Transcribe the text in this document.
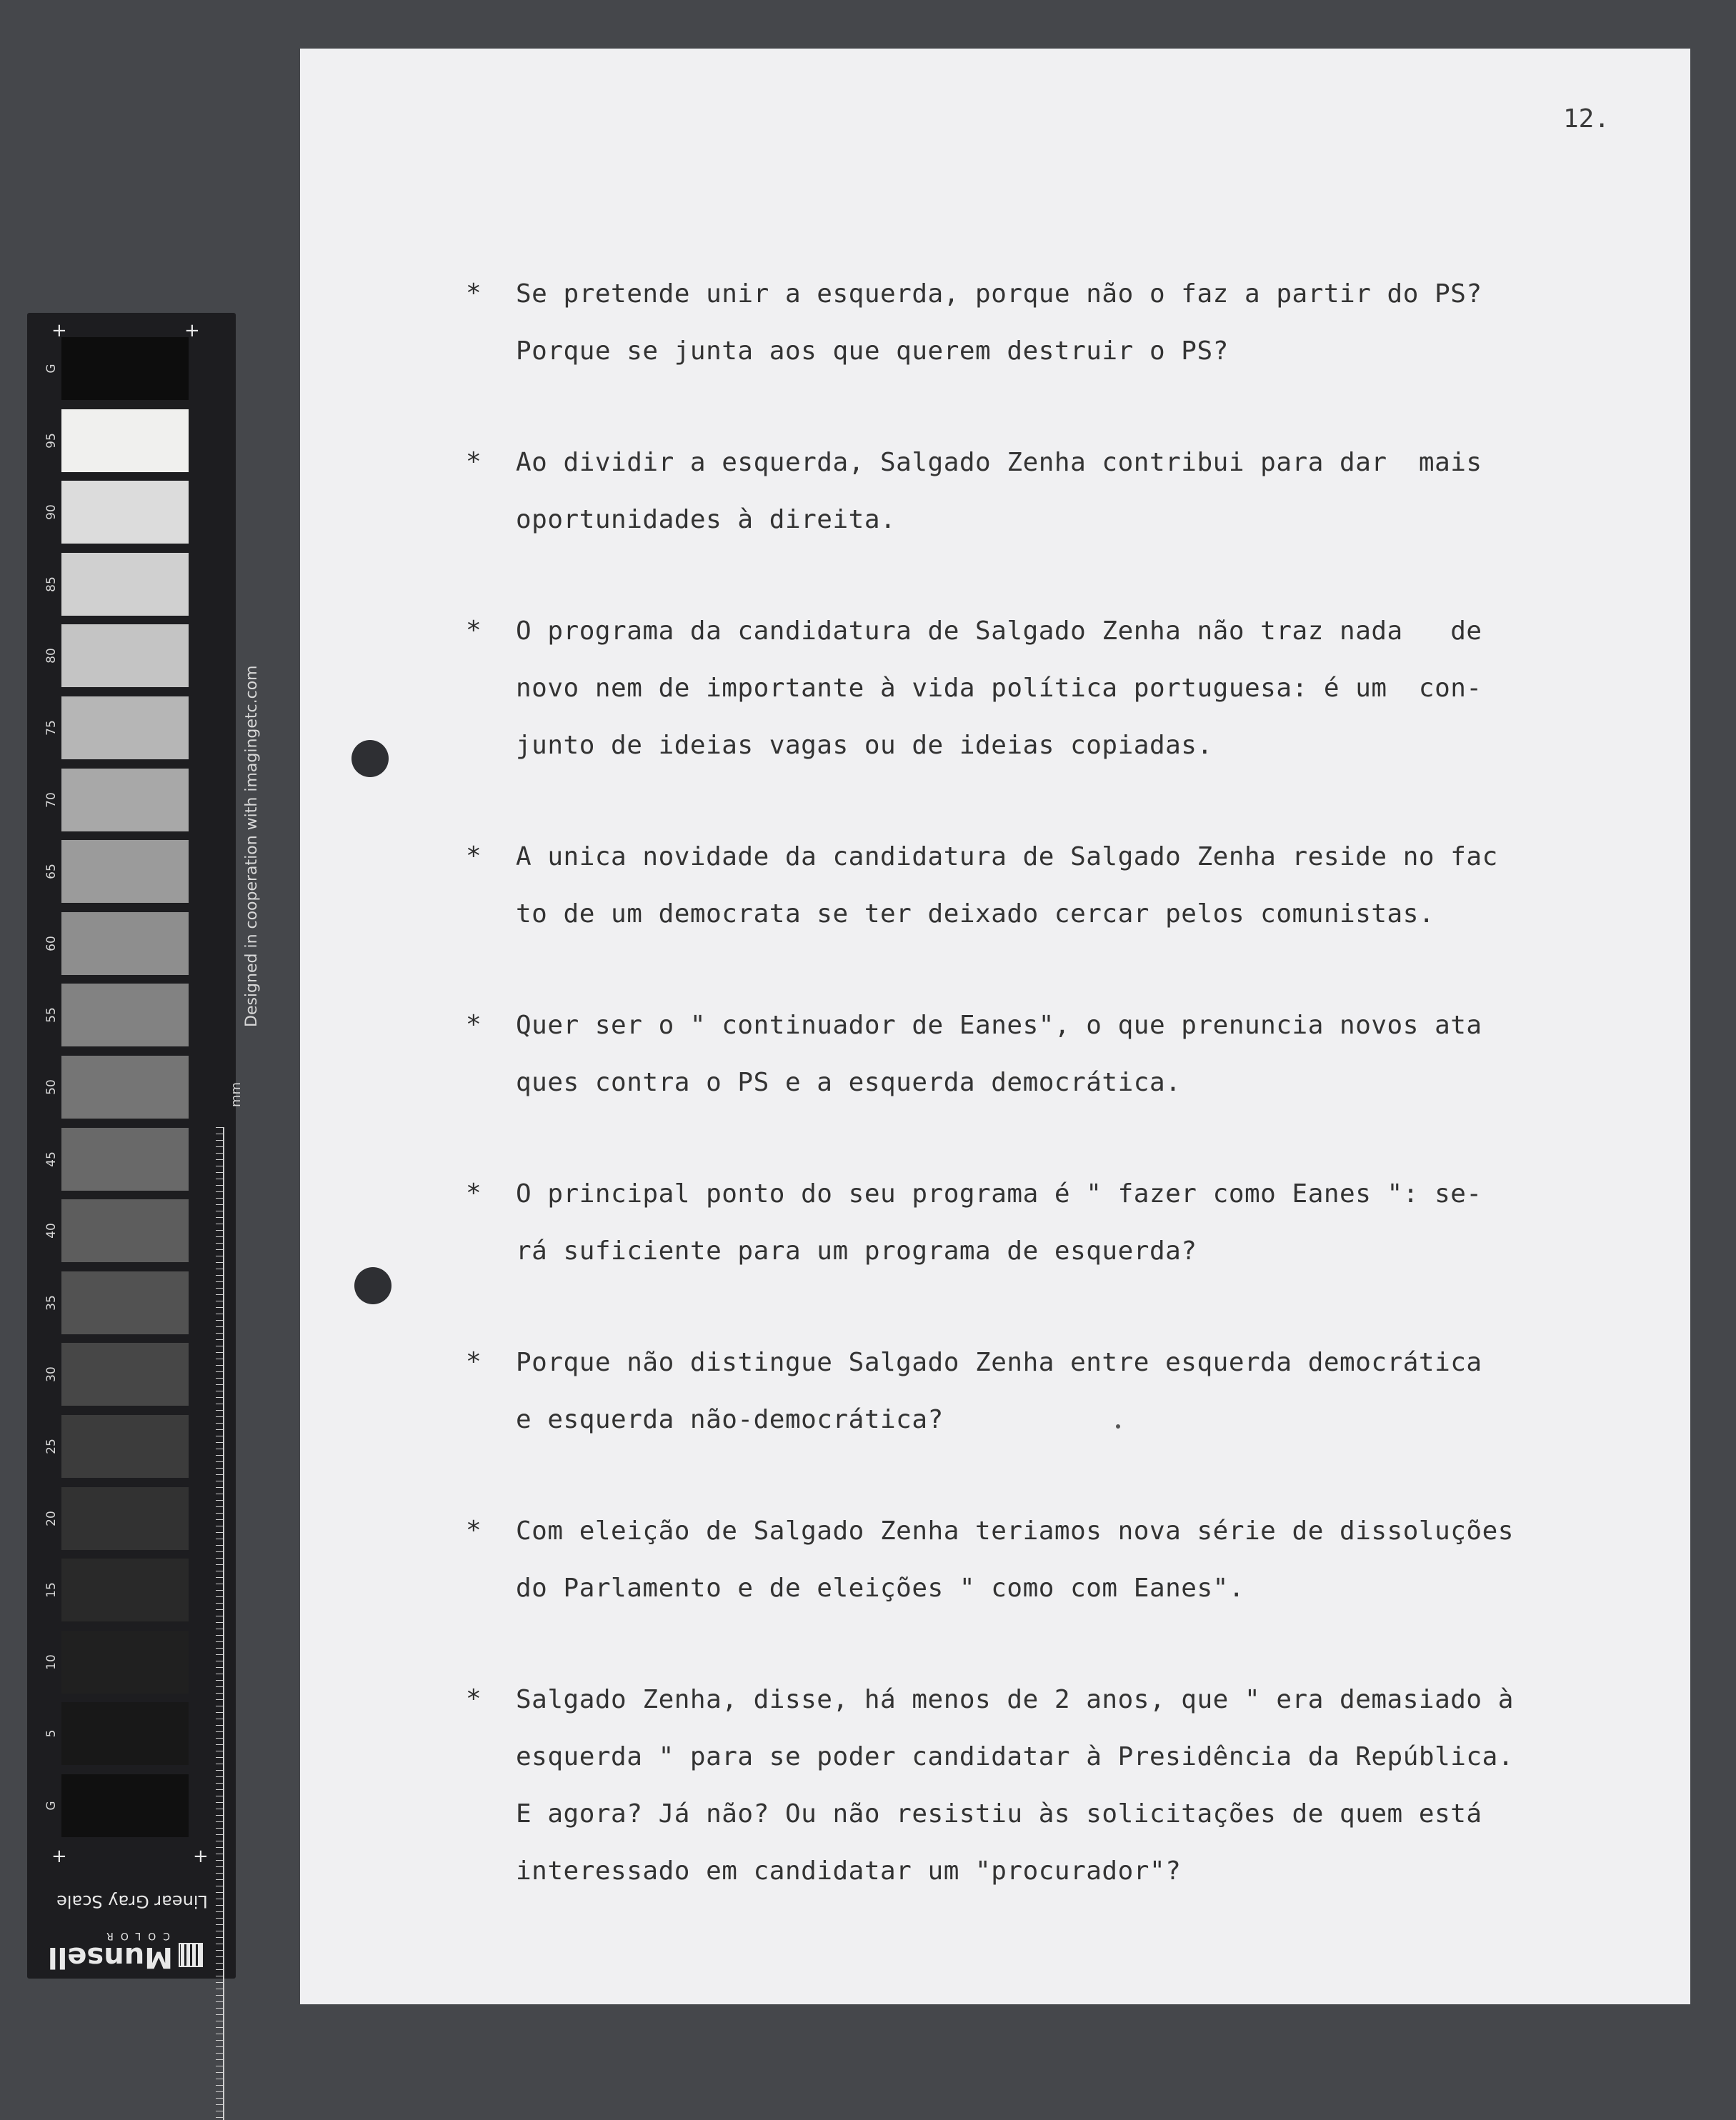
G
95
90
85
80
75
70
65
60
55
50
45
40
35
30
25
20
15
10
5
G
+	+
+	+
mm
Designed in cooperation with imagingetc.com
Linear Gray Scale
Munsell
COLOR
12.
* Se pretende unir a esquerda, porque não o faz a partir do PS?
Porque se junta aos que querem destruir o PS?
* Ao dividir a esquerda, Salgado Zenha contribui para dar  mais
oportunidades à direita.
* O programa da candidatura de Salgado Zenha não traz nada   de
novo nem de importante à vida política portuguesa: é um  con-
junto de ideias vagas ou de ideias copiadas.
* A unica novidade da candidatura de Salgado Zenha reside no fac
to de um democrata se ter deixado cercar pelos comunistas.
* Quer ser o " continuador de Eanes", o que prenuncia novos ata
ques contra o PS e a esquerda democrática.
* O principal ponto do seu programa é " fazer como Eanes ": se-
rá suficiente para um programa de esquerda?
* Porque não distingue Salgado Zenha entre esquerda democrática
e esquerda não-democrática?
* Com eleição de Salgado Zenha teriamos nova série de dissoluções
do Parlamento e de eleições " como com Eanes".
* Salgado Zenha, disse, há menos de 2 anos, que " era demasiado à
esquerda " para se poder candidatar à Presidência da República.
E agora? Já não? Ou não resistiu às solicitações de quem está
interessado em candidatar um "procurador"?
